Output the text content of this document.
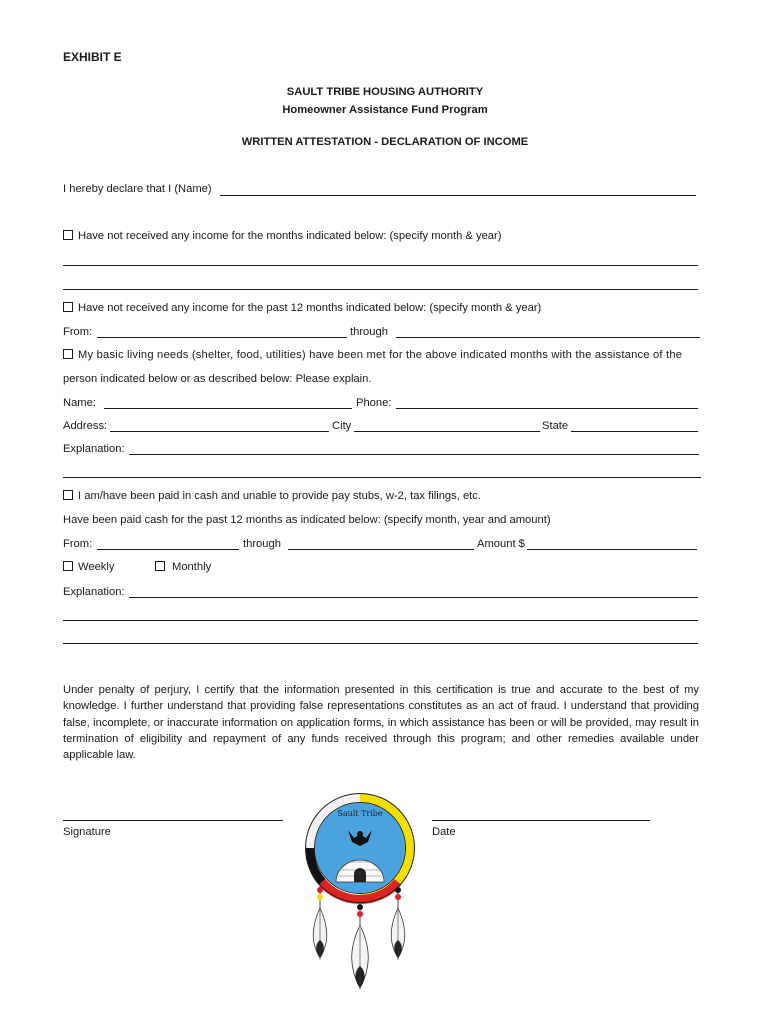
EXHIBIT E
SAULT TRIBE HOUSING AUTHORITY
Homeowner Assistance Fund Program
WRITTEN ATTESTATION - DECLARATION OF INCOME
I hereby declare that I (Name)
Have not received any income for the months indicated below: (specify month & year)
Have not received any income for the past 12 months indicated below: (specify month & year)
From:	through
My basic living needs (shelter, food, utilities) have been met for the above indicated months with the assistance of the
person indicated below or as described below: Please explain.
Name:	Phone:
Address:	City	State
Explanation:
I am/have been paid in cash and unable to provide pay stubs, w-2, tax filings, etc.
Have been paid cash for the past 12 months as indicated below: (specify month, year and amount)
From:	through	Amount $
Weekly	Monthly
Explanation:
Under penalty of perjury, I certify that the information presented in this certification is true and accurate to the best of my knowledge. I further understand that providing false representations constitutes as an act of fraud. I understand that providing false, incomplete, or inaccurate information on application forms, in which assistance has been or will be provided, may result in termination of eligibility and repayment of any funds received through this program; and other remedies available under applicable law.
Signature	Date
Sault Tribe
